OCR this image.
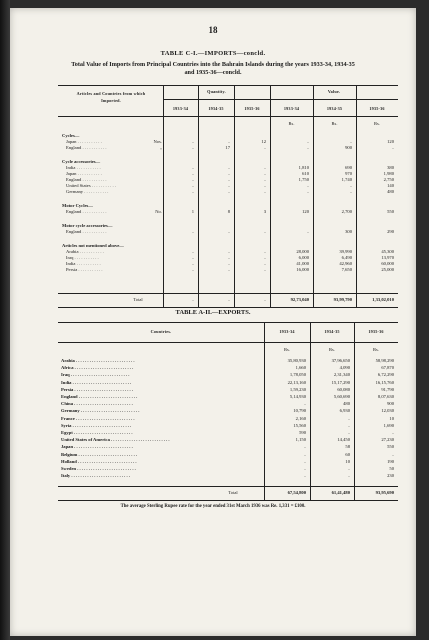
18
TABLE C-I.—IMPORTS—concld.
Total Value of Imports from Principal Countries into the Bahrain Islands during the years 1933-34, 1934-35
and 1935-36—concld.
Articles and Countries from which
Imported.
Quantity.	Value.
1933-34	1934-35	1935-36	1933-34	1934-35	1935-36
Rs.	Rs.	Rs.
Cycles—
Japan . . . . . . . . . . .	Nos.	..	..	12	..	..	120
England . . . . . . . . . . .	„	..	17	..	..	900	..
Cycle accessories—
India . . . . . . . . . . .	..	..	..	1,810	690	380
Japan . . . . . . . . . . .	..	..	..	610	970	1,980
England . . . . . . . . . . .	..	..	..	1,750	1,740	2,750
United States . . . . . . . . . . .	..	..	..	..	..	140
Germany . . . . . . . . . . .	..	..	..	..	..	480
Motor Cycles—
England . . . . . . . . . . .	No.	1	8	3	120	2,700	550
Motor cycle accessories—
England . . . . . . . . . . .	..	..	..	..	300	290
Articles not mentioned above—
Arabia . . . . . . . . . . .	..	..	..	28,000	39,990	45,300
Iraq . . . . . . . . . . .	..	..	..	6,000	6,490	13,970
India . . . . . . . . . . .	..	..	..	41,000	42,960	60,000
Persia . . . . . . . . . . .	..	..	..	16,000	7,650	25,000
Total	..	..	..	92,73,040	93,99,790	1,33,02,010
TABLE A-II.—EXPORTS.
Countries.	1933-34	1934-35	1935-36
Rs.	Rs.	Rs.
Arabia . . . . . . . . . . . . . . . . . . . . . . . . . .	35,80,930	37,96,650	58,98,290
Africa . . . . . . . . . . . . . . . . . . . . . . . . . .	1,660	4,090	67,870
Iraq . . . . . . . . . . . . . . . . . . . . . . . . . .	1,78,050	2,31,340	6,72,290
India . . . . . . . . . . . . . . . . . . . . . . . . . .	22,13,160	15,17,290	16,15,760
Persia . . . . . . . . . . . . . . . . . . . . . . . . . .	1,59,230	60,080	91,790
England . . . . . . . . . . . . . . . . . . . . . . . . . .	5,14,930	5,60,690	8,07,630
China . . . . . . . . . . . . . . . . . . . . . . . . . .	..	480	900
Germany . . . . . . . . . . . . . . . . . . . . . . . . . .	10,790	6,930	12,030
France . . . . . . . . . . . . . . . . . . . . . . . . . .	2,160	..	10
Syria . . . . . . . . . . . . . . . . . . . . . . . . . .	15,560	..	1,690
Egypt . . . . . . . . . . . . . . . . . . . . . . . . . .	590	..	..
United States of America . . . . . . . . . . . . . . . . . . . . . . . . . .	1,150	14,450	27,230
Japan . . . . . . . . . . . . . . . . . . . . . . . . . .	..	58	550
Belgium . . . . . . . . . . . . . . . . . . . . . . . . . .	..	60	..
Holland . . . . . . . . . . . . . . . . . . . . . . . . . .	..	10	190
Sweden . . . . . . . . . . . . . . . . . . . . . . . . . .	..	..	50
Italy . . . . . . . . . . . . . . . . . . . . . . . . . .	..	..	230
Total	67,54,800	61,41,480	93,95,690
The average Sterling Rupee rate for the year ended 31st March 1936 was Re. 1,331 = £100.
